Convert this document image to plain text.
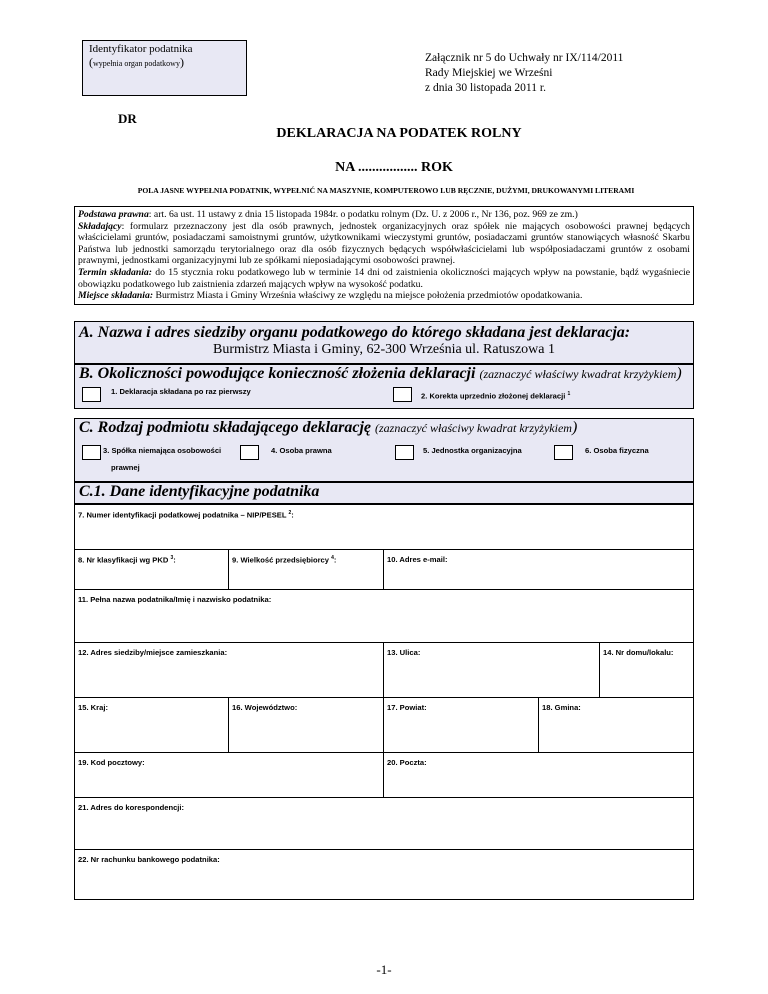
Identyfikator podatnika
(wypełnia organ podatkowy)	Załącznik nr 5 do Uchwały nr IX/114/2011
Rady Miejskiej we Wrześni
z dnia 30 listopada 2011 r.
DR
DEKLARACJA NA PODATEK ROLNY
NA ................. ROK
POLA JASNE WYPEŁNIA PODATNIK, WYPEŁNIĆ NA MASZYNIE, KOMPUTEROWO LUB RĘCZNIE, DUŻYMI, DRUKOWANYMI LITERAMI
Podstawa prawna: art. 6a ust. 11 ustawy z dnia 15 listopada 1984r. o podatku rolnym (Dz. U. z 2006 r., Nr 136, poz. 969 ze zm.)
Składający: formularz przeznaczony jest dla osób prawnych, jednostek organizacyjnych oraz spółek nie mających osobowości prawnej będących właścicielami gruntów, posiadaczami samoistnymi gruntów, użytkownikami wieczystymi gruntów, posiadaczami gruntów stanowiących własność Skarbu Państwa lub jednostki samorządu terytorialnego oraz dla osób fizycznych będących współwłaścicielami lub współposiadaczami gruntów z osobami prawnymi, jednostkami organizacyjnymi lub ze spółkami nieposiadającymi osobowości prawnej.
Termin składania: do 15 stycznia roku podatkowego lub w terminie 14 dni od zaistnienia okoliczności mających wpływ na powstanie, bądź wygaśniecie obowiązku podatkowego lub zaistnienia zdarzeń mających wpływ na wysokość podatku.
Miejsce składania: Burmistrz Miasta i Gminy Września właściwy ze względu na miejsce położenia przedmiotów opodatkowania.
A. Nazwa i adres siedziby organu podatkowego do którego składana jest deklaracja:
Burmistrz Miasta i Gminy, 62-300 Września ul. Ratuszowa 1
B. Okoliczności powodujące konieczność złożenia deklaracji (zaznaczyć właściwy kwadrat krzyżykiem)
1. Deklaracja składana po raz pierwszy
2. Korekta uprzednio złożonej deklaracji $^1$
C. Rodzaj podmiotu składającego deklarację (zaznaczyć właściwy kwadrat krzyżykiem)
3. Spółka niemająca osobowości
prawnej
4. Osoba prawna	5. Jednostka organizacyjna	6. Osoba fizyczna
C.1. Dane identyfikacyjne podatnika
7. Numer identyfikacji podatkowej podatnika – NIP/PESEL $^2$:
8. Nr klasyfikacji wg PKD $^3$:	9. Wielkość przedsiębiorcy $^4$:	10. Adres e-mail:
11. Pełna nazwa podatnika/Imię i nazwisko podatnika:
12. Adres siedziby/miejsce zamieszkania:	13. Ulica:	14. Nr domu/lokalu:
15. Kraj:	16. Województwo:	17. Powiat:	18. Gmina:
19. Kod pocztowy:	20. Poczta:
21. Adres do korespondencji:
22. Nr rachunku bankowego podatnika:
-1-
